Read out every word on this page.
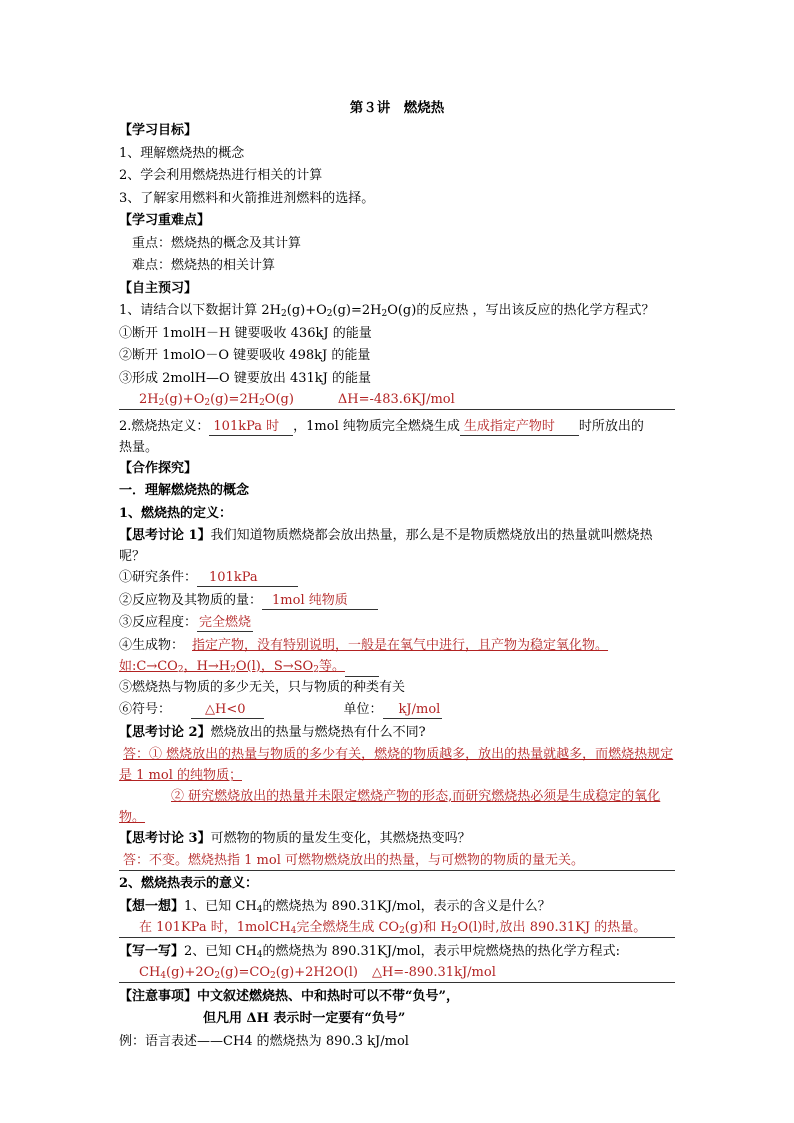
第３讲　燃烧热
【学习目标】
1、理解燃烧热的概念
2、学会利用燃烧热进行相关的计算
3、了解家用燃料和火箭推进剂燃料的选择。
【学习重难点】
重点：燃烧热的概念及其计算
难点：燃烧热的相关计算
【自主预习】
1、请结合以下数据计算 $2H_2(g)+O_2(g)=2H_2O(g)$的反应热 ，写出该反应的热化学方程式？
①断开 1molH－H 键要吸收 436kJ 的能量
②断开 1molO－O 键要吸收 498kJ 的能量
③形成 2molH—O 键要放出 431kJ 的能量
$2H_2(g)+O_2(g)=2H_2O(g)$	ΔH=-483.6KJ/mol
2.燃烧热定义： 101kPa 时 ，1mol 纯物质完全燃烧生成 生成指定产物时 时所放出的
热量。
【合作探究】
一．理解燃烧热的概念
1、燃烧热的定义：
【思考讨论 1】我们知道物质燃烧都会放出热量，那么是不是物质燃烧放出的热量就叫燃烧热呢？
①研究条件： 101kPa
②反应物及其物质的量： 1mol 纯物质
③反应程度： 完全燃烧
④生成物： 指定产物，没有特别说明，一般是在氧气中进行，且产物为稳定氧化物。如$:C\to CO_2$，$H\to H_2O(l)$，$S\to SO_2$等。
⑤燃烧热与物质的多少无关，只与物质的种类有关
⑥符号：	△H<0	单位： kJ/mol
【思考讨论 2】燃烧放出的热量与燃烧热有什么不同?
答：① 燃烧放出的热量与物质的多少有关，燃烧的物质越多，放出的热量就越多，而燃烧热规定是 1 mol 的纯物质；
② 研究燃烧放出的热量并未限定燃烧产物的形态,而研究燃烧热必须是生成稳定的氧化物。
【思考讨论 3】可燃物的物质的量发生变化，其燃烧热变吗？
答：不变。燃烧热指 1 mol 可燃物燃烧放出的热量，与可燃物的物质的量无关。
2、燃烧热表示的意义：
【想一想】1、已知 $CH_4$的燃烧热为 890.31KJ/mol，表示的含义是什么？
在 101KPa 时，1molCH$_4$完全燃烧生成 $CO_2(g)$和 $H_2O(l)$时,放出 890.31KJ 的热量。
【写一写】2、已知 $CH_4$的燃烧热为 890.31KJ/mol，表示甲烷燃烧热的热化学方程式:
$CH_4(g)+2O_2(g)=CO_2(g)+2H2O(l)$ △H=-890.31kJ/mol
【注意事项】中文叙述燃烧热、中和热时可以不带“负号”，
但凡用 ΔH 表示时一定要有“负号”
例：语言表述——CH4 的燃烧热为 890.3 kJ/mol
